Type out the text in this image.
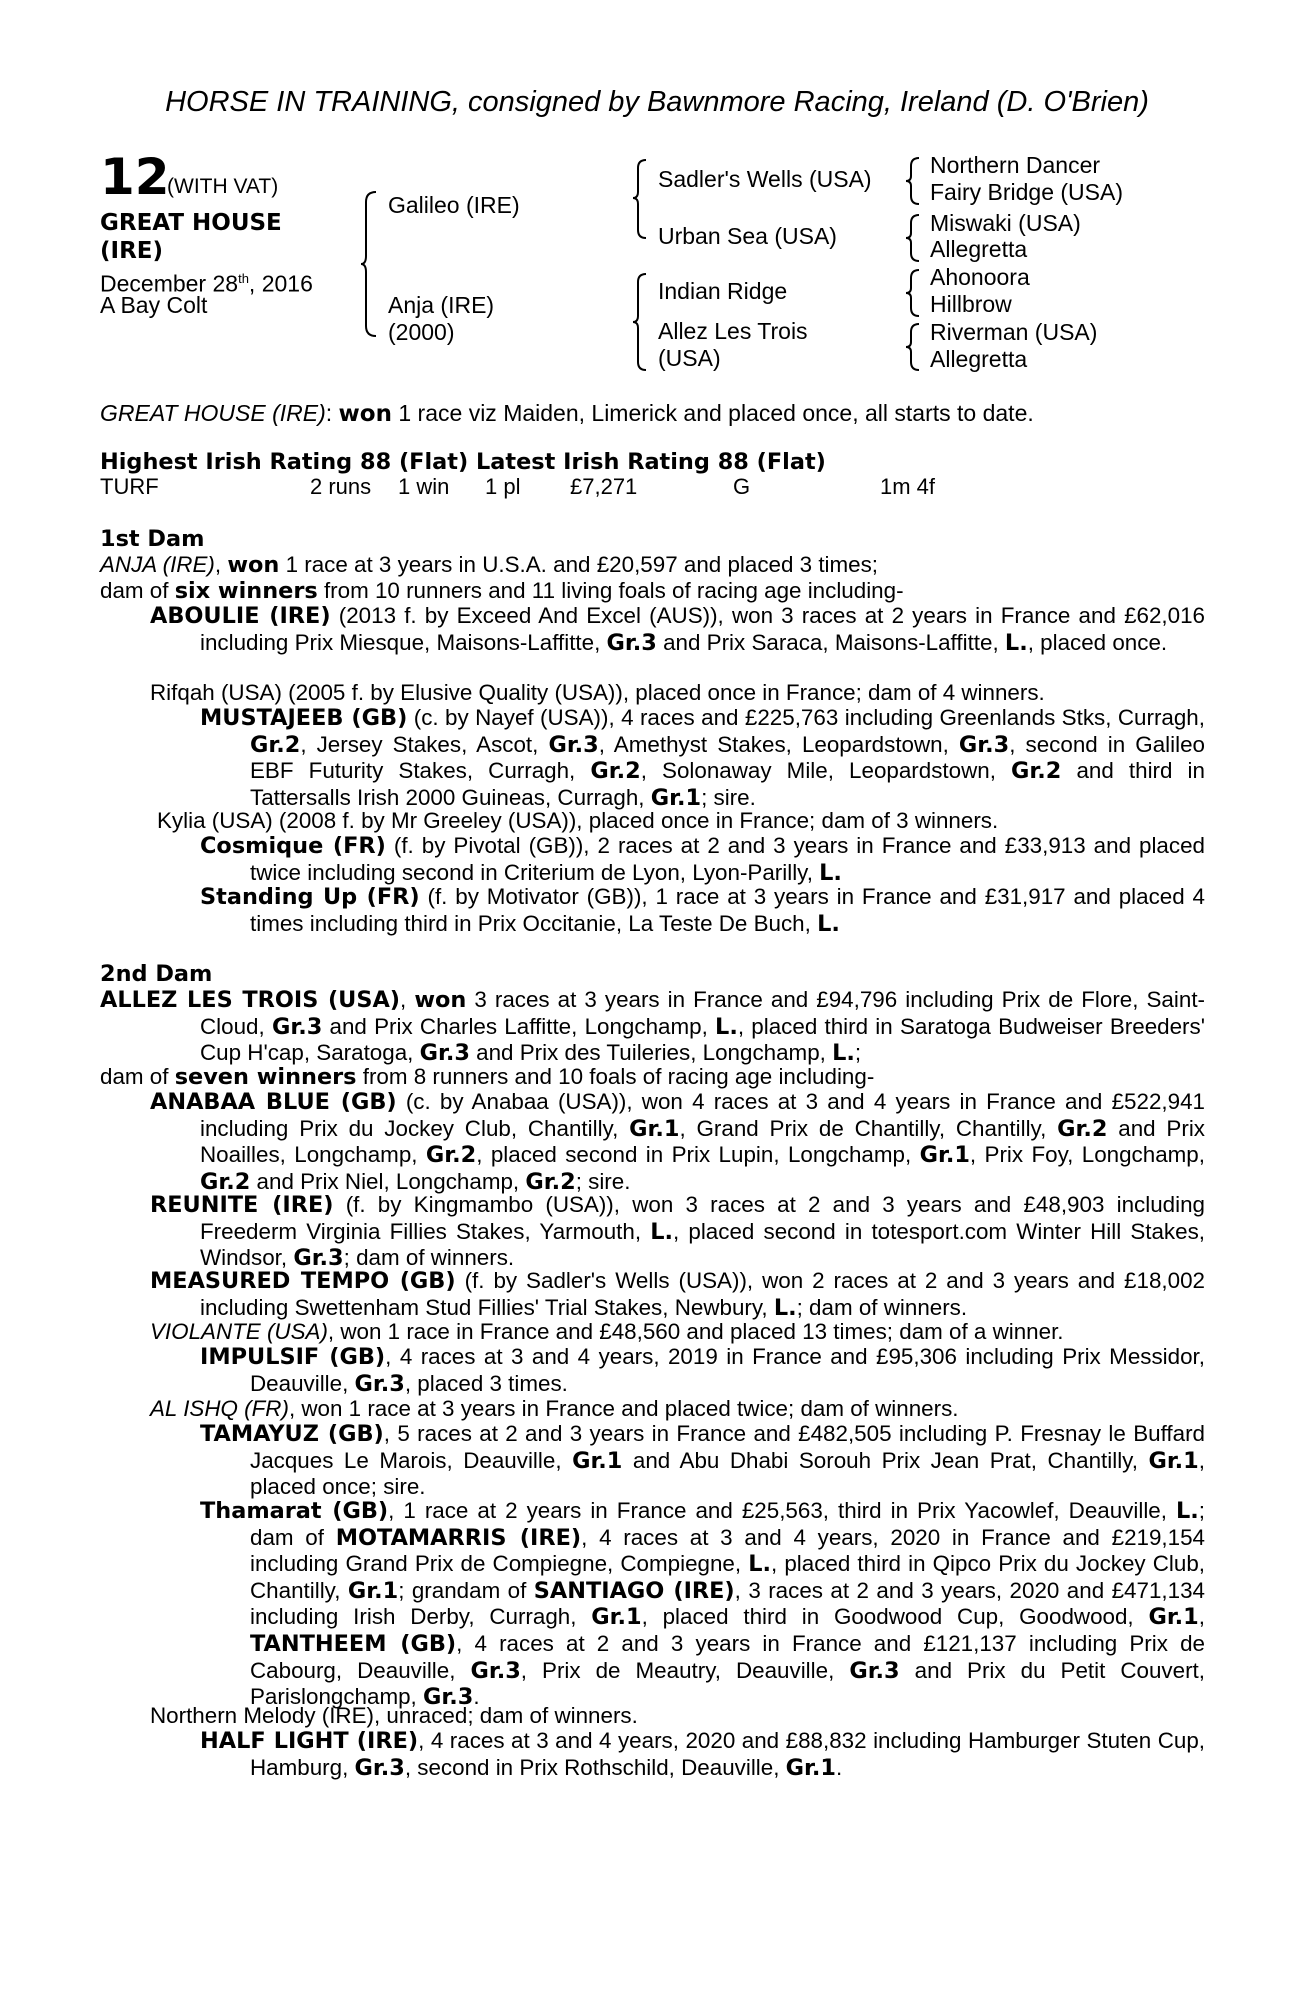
HORSE IN TRAINING, consigned by Bawnmore Racing, Ireland (D. O'Brien)
12
(WITH VAT)
GREAT HOUSE
(IRE)
December 28th, 2016
A Bay Colt
Galileo (IRE)
Anja (IRE)
(2000)
Sadler's Wells (USA)
Urban Sea (USA)
Indian Ridge
Allez Les Trois
(USA)
Northern Dancer
Fairy Bridge (USA)
Miswaki (USA)
Allegretta
Ahonoora
Hillbrow
Riverman (USA)
Allegretta
GREAT HOUSE (IRE): won 1 race viz Maiden, Limerick and placed once, all starts to date.
Highest Irish Rating 88 (Flat) Latest Irish Rating 88 (Flat)
TURF	2 runs 1 win 1 pl £7,271	G	1m 4f
1st Dam
ANJA (IRE), won 1 race at 3 years in U.S.A. and £20,597 and placed 3 times;
dam of six winners from 10 runners and 11 living foals of racing age including-
ABOULIE (IRE) (2013 f. by Exceed And Excel (AUS)), won 3 races at 2 years in France and £62,016 including Prix Miesque, Maisons-Laffitte, Gr.3 and Prix Saraca, Maisons-Laffitte, L., placed once.
Rifqah (USA) (2005 f. by Elusive Quality (USA)), placed once in France; dam of 4 winners.
MUSTAJEEB (GB) (c. by Nayef (USA)), 4 races and £225,763 including Greenlands Stks, Curragh, Gr.2, Jersey Stakes, Ascot, Gr.3, Amethyst Stakes, Leopardstown, Gr.3, second in Galileo EBF Futurity Stakes, Curragh, Gr.2, Solonaway Mile, Leopardstown, Gr.2 and third in Tattersalls Irish 2000 Guineas, Curragh, Gr.1; sire.
Kylia (USA) (2008 f. by Mr Greeley (USA)), placed once in France; dam of 3 winners.
Cosmique (FR) (f. by Pivotal (GB)), 2 races at 2 and 3 years in France and £33,913 and placed twice including second in Criterium de Lyon, Lyon-Parilly, L.
Standing Up (FR) (f. by Motivator (GB)), 1 race at 3 years in France and £31,917 and placed 4 times including third in Prix Occitanie, La Teste De Buch, L.
2nd Dam
ALLEZ LES TROIS (USA), won 3 races at 3 years in France and £94,796 including Prix de Flore, Saint-Cloud, Gr.3 and Prix Charles Laffitte, Longchamp, L., placed third in Saratoga Budweiser Breeders' Cup H'cap, Saratoga, Gr.3 and Prix des Tuileries, Longchamp, L.;
dam of seven winners from 8 runners and 10 foals of racing age including-
ANABAA BLUE (GB) (c. by Anabaa (USA)), won 4 races at 3 and 4 years in France and £522,941 including Prix du Jockey Club, Chantilly, Gr.1, Grand Prix de Chantilly, Chantilly, Gr.2 and Prix Noailles, Longchamp, Gr.2, placed second in Prix Lupin, Longchamp, Gr.1, Prix Foy, Longchamp, Gr.2 and Prix Niel, Longchamp, Gr.2; sire.
REUNITE (IRE) (f. by Kingmambo (USA)), won 3 races at 2 and 3 years and £48,903 including Freederm Virginia Fillies Stakes, Yarmouth, L., placed second in totesport.com Winter Hill Stakes, Windsor, Gr.3; dam of winners.
MEASURED TEMPO (GB) (f. by Sadler's Wells (USA)), won 2 races at 2 and 3 years and £18,002 including Swettenham Stud Fillies' Trial Stakes, Newbury, L.; dam of winners.
VIOLANTE (USA), won 1 race in France and £48,560 and placed 13 times; dam of a winner.
IMPULSIF (GB), 4 races at 3 and 4 years, 2019 in France and £95,306 including Prix Messidor, Deauville, Gr.3, placed 3 times.
AL ISHQ (FR), won 1 race at 3 years in France and placed twice; dam of winners.
TAMAYUZ (GB), 5 races at 2 and 3 years in France and £482,505 including P. Fresnay le Buffard Jacques Le Marois, Deauville, Gr.1 and Abu Dhabi Sorouh Prix Jean Prat, Chantilly, Gr.1, placed once; sire.
Thamarat (GB), 1 race at 2 years in France and £25,563, third in Prix Yacowlef, Deauville, L.; dam of MOTAMARRIS (IRE), 4 races at 3 and 4 years, 2020 in France and £219,154 including Grand Prix de Compiegne, Compiegne, L., placed third in Qipco Prix du Jockey Club, Chantilly, Gr.1; grandam of SANTIAGO (IRE), 3 races at 2 and 3 years, 2020 and £471,134 including Irish Derby, Curragh, Gr.1, placed third in Goodwood Cup, Goodwood, Gr.1, TANTHEEM (GB), 4 races at 2 and 3 years in France and £121,137 including Prix de Cabourg, Deauville, Gr.3, Prix de Meautry, Deauville, Gr.3 and Prix du Petit Couvert, Parislongchamp, Gr.3.
Northern Melody (IRE), unraced; dam of winners.
HALF LIGHT (IRE), 4 races at 3 and 4 years, 2020 and £88,832 including Hamburger Stuten Cup, Hamburg, Gr.3, second in Prix Rothschild, Deauville, Gr.1.
